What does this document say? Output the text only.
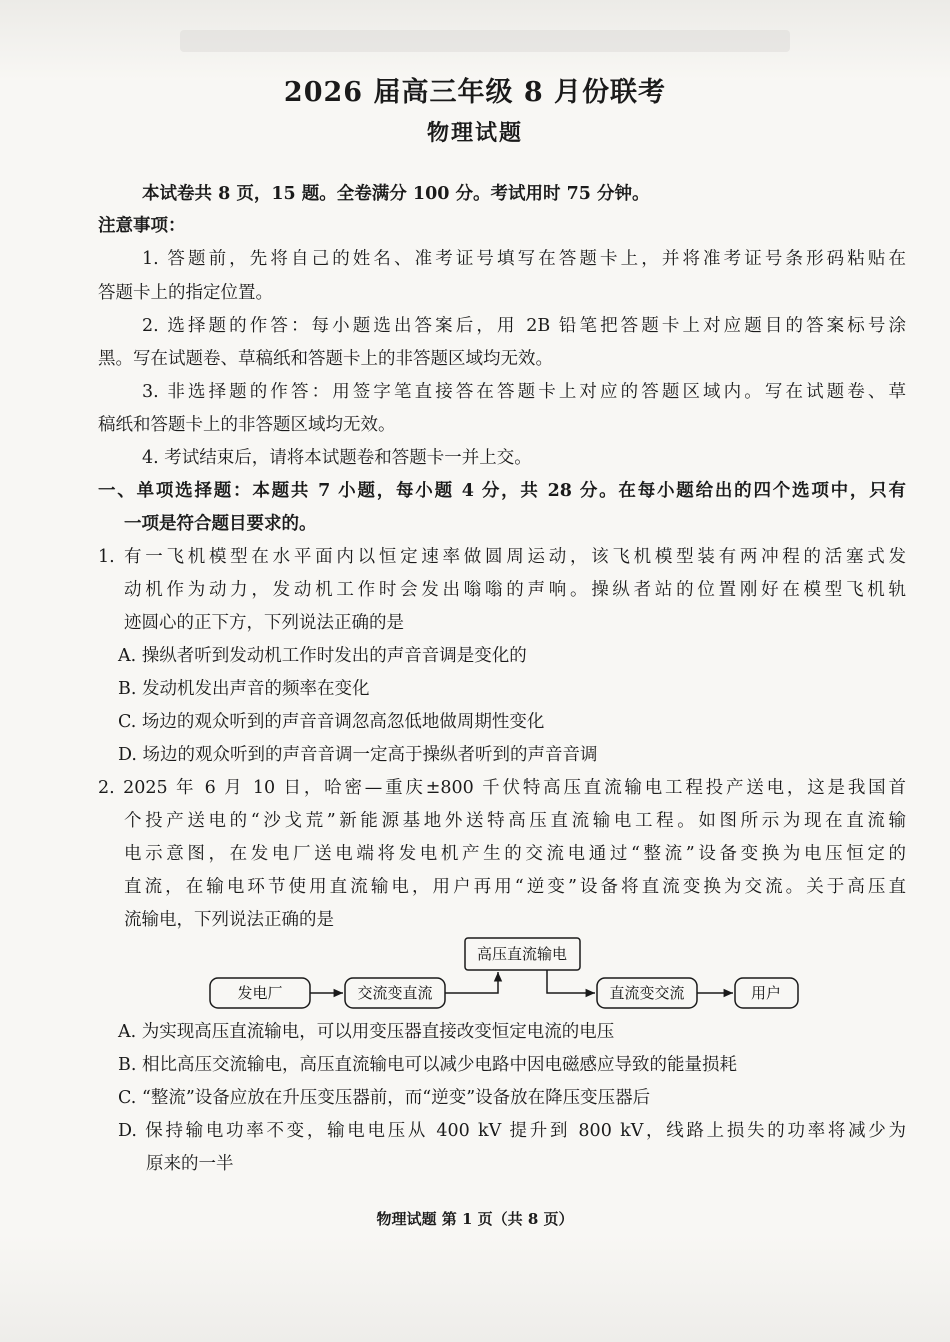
2026 届高三年级 8 月份联考
物理试题
本试卷共 8 页，15 题。全卷满分 100 分。考试用时 75 分钟。
注意事项：
1. 答题前，先将自己的姓名、准考证号填写在答题卡上，并将准考证号条形码粘贴在
答题卡上的指定位置。
2. 选择题的作答：每小题选出答案后，用 2B 铅笔把答题卡上对应题目的答案标号涂
黑。写在试题卷、草稿纸和答题卡上的非答题区域均无效。
3. 非选择题的作答：用签字笔直接答在答题卡上对应的答题区域内。写在试题卷、草
稿纸和答题卡上的非答题区域均无效。
4. 考试结束后，请将本试题卷和答题卡一并上交。
一、单项选择题：本题共 7 小题，每小题 4 分，共 28 分。在每小题给出的四个选项中，只有
一项是符合题目要求的。
1. 有一飞机模型在水平面内以恒定速率做圆周运动，该飞机模型装有两冲程的活塞式发
动机作为动力，发动机工作时会发出嗡嗡的声响。操纵者站的位置刚好在模型飞机轨
迹圆心的正下方，下列说法正确的是
A. 操纵者听到发动机工作时发出的声音音调是变化的
B. 发动机发出声音的频率在变化
C. 场边的观众听到的声音音调忽高忽低地做周期性变化
D. 场边的观众听到的声音音调一定高于操纵者听到的声音音调
2. 2025 年 6 月 10 日，哈密—重庆±800 千伏特高压直流输电工程投产送电，这是我国首
个投产送电的“沙戈荒”新能源基地外送特高压直流输电工程。如图所示为现在直流输
电示意图，在发电厂送电端将发电机产生的交流电通过“整流”设备变换为电压恒定的
直流，在输电环节使用直流输电，用户再用“逆变”设备将直流变换为交流。关于高压直
流输电，下列说法正确的是
发电厂	交流变直流
高压直流输电
直流变交流	用户
A. 为实现高压直流输电，可以用变压器直接改变恒定电流的电压
B. 相比高压交流输电，高压直流输电可以减少电路中因电磁感应导致的能量损耗
C. “整流”设备应放在升压变压器前，而“逆变”设备放在降压变压器后
D. 保持输电功率不变，输电电压从 400 kV 提升到 800 kV，线路上损失的功率将减少为
原来的一半
物理试题 第 1 页（共 8 页）
